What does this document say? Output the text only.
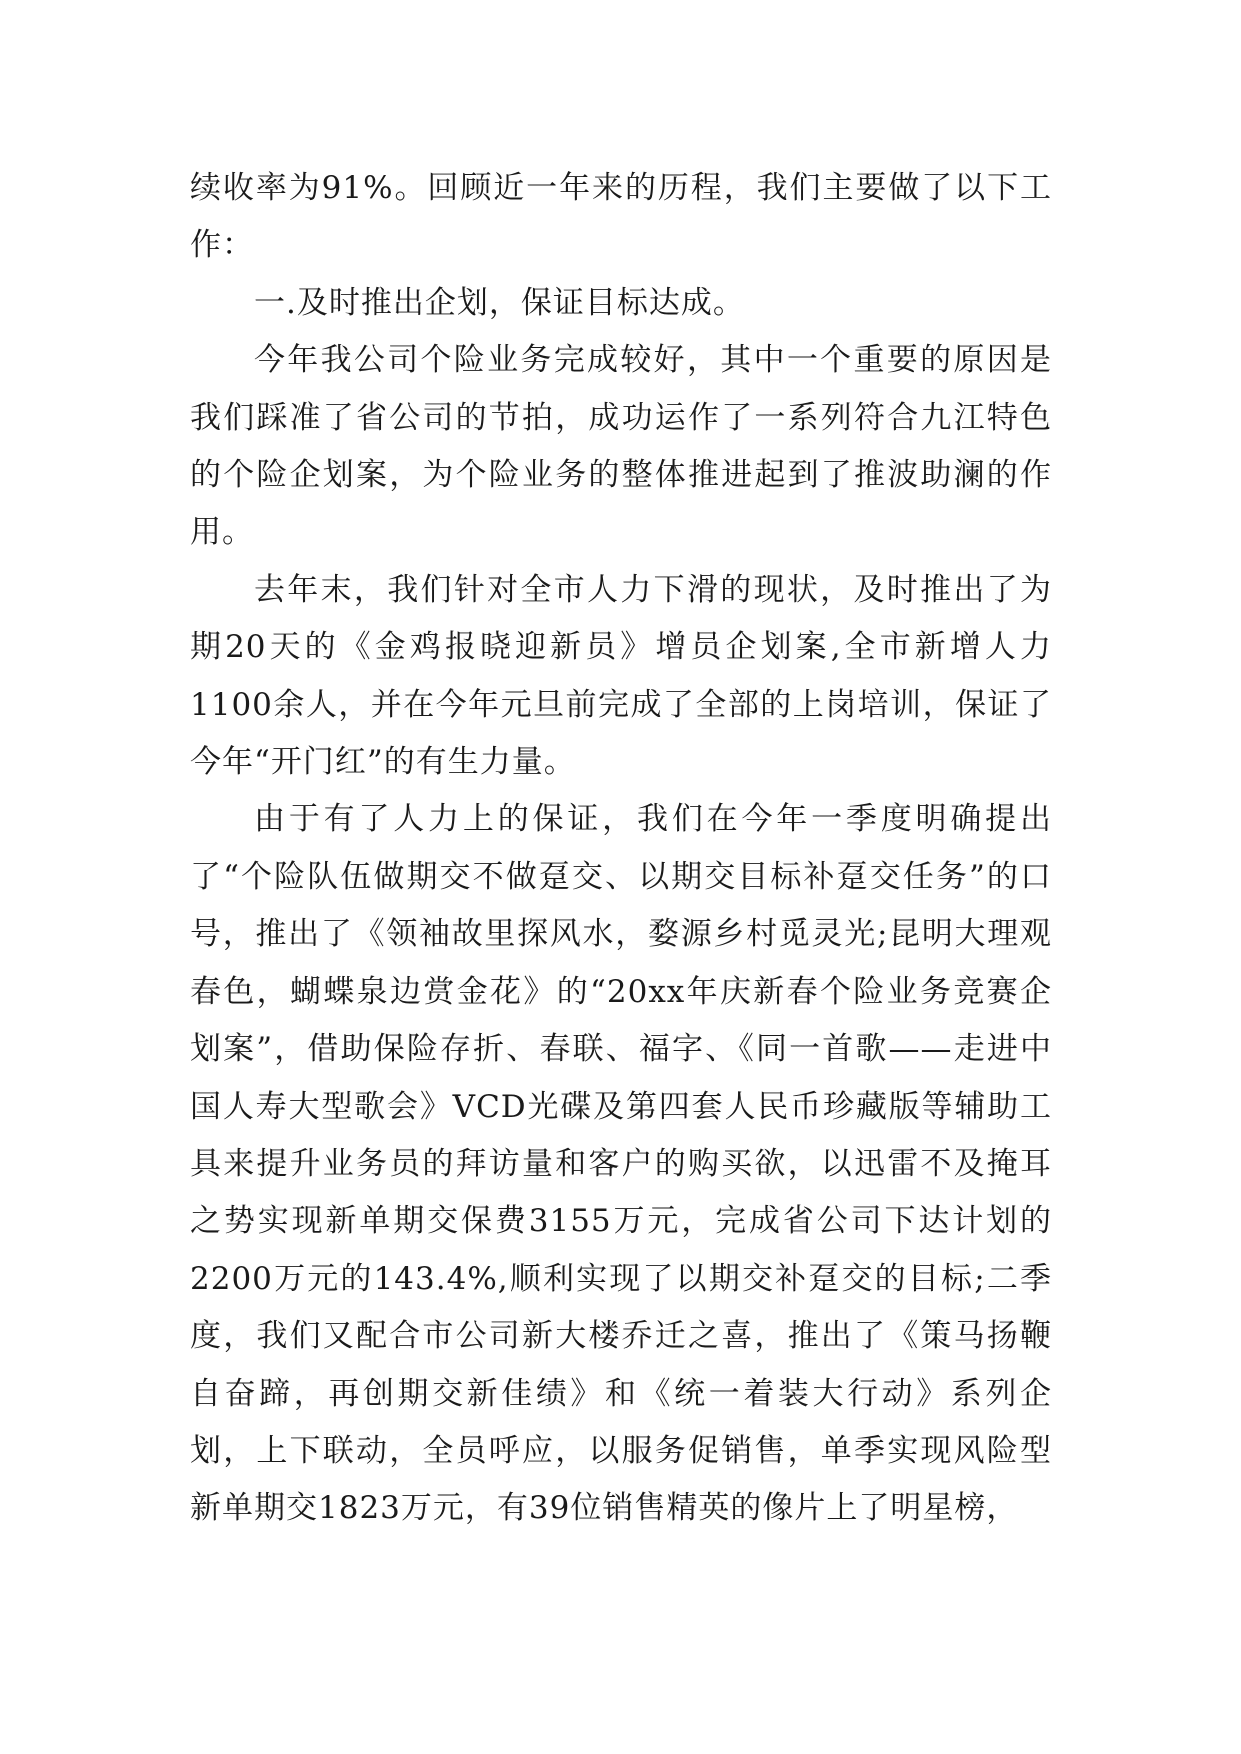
续收率为91%。回顾近一年来的历程，我们主要做了以下工作：

一.及时推出企划，保证目标达成。

今年我公司个险业务完成较好，其中一个重要的原因是我们踩准了省公司的节拍，成功运作了一系列符合九江特色的个险企划案，为个险业务的整体推进起到了推波助澜的作用。

去年末，我们针对全市人力下滑的现状，及时推出了为期20天的《金鸡报晓迎新员》增员企划案,全市新增人力1100余人，并在今年元旦前完成了全部的上岗培训，保证了今年“开门红”的有生力量。

由于有了人力上的保证，我们在今年一季度明确提出了“个险队伍做期交不做趸交、以期交目标补趸交任务”的口号，推出了《领袖故里探风水，婺源乡村觅灵光;昆明大理观春色，蝴蝶泉边赏金花》的“20xx年庆新春个险业务竞赛企划案”，借助保险存折、春联、福字、《同一首歌——走进中国人寿大型歌会》VCD光碟及第四套人民币珍藏版等辅助工具来提升业务员的拜访量和客户的购买欲，以迅雷不及掩耳之势实现新单期交保费3155万元，完成省公司下达计划的2200万元的143.4%,顺利实现了以期交补趸交的目标;二季度，我们又配合市公司新大楼乔迁之喜，推出了《策马扬鞭自奋蹄，再创期交新佳绩》和《统一着装大行动》系列企划，上下联动，全员呼应，以服务促销售，单季实现风险型新单期交1823万元，有39位销售精英的像片上了明星榜，
